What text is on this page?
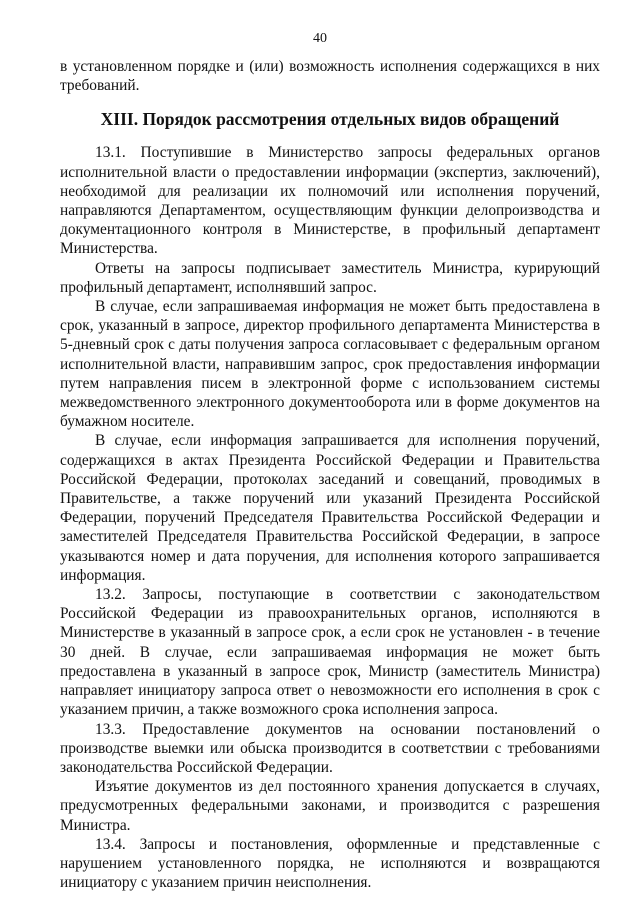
40

в установленном порядке и (или) возможность исполнения содержащихся в них требований.

XIII. Порядок рассмотрения отдельных видов обращений

13.1. Поступившие в Министерство запросы федеральных органов исполнительной власти о предоставлении информации (экспертиз, заключений), необходимой для реализации их полномочий или исполнения поручений, направляются Департаментом, осуществляющим функции делопроизводства и документационного контроля в Министерстве, в профильный департамент Министерства.

Ответы на запросы подписывает заместитель Министра, курирующий профильный департамент, исполнявший запрос.

В случае, если запрашиваемая информация не может быть предоставлена в срок, указанный в запросе, директор профильного департамента Министерства в 5-дневный срок с даты получения запроса согласовывает с федеральным органом исполнительной власти, направившим запрос, срок предоставления информации путем направления писем в электронной форме с использованием системы межведомственного электронного документооборота или в форме документов на бумажном носителе.

В случае, если информация запрашивается для исполнения поручений, содержащихся в актах Президента Российской Федерации и Правительства Российской Федерации, протоколах заседаний и совещаний, проводимых в Правительстве, а также поручений или указаний Президента Российской Федерации, поручений Председателя Правительства Российской Федерации и заместителей Председателя Правительства Российской Федерации, в запросе указываются номер и дата поручения, для исполнения которого запрашивается информация.

13.2. Запросы, поступающие в соответствии с законодательством Российской Федерации из правоохранительных органов, исполняются в Министерстве в указанный в запросе срок, а если срок не установлен - в течение 30 дней. В случае, если запрашиваемая информация не может быть предоставлена в указанный в запросе срок, Министр (заместитель Министра) направляет инициатору запроса ответ о невозможности его исполнения в срок с указанием причин, а также возможного срока исполнения запроса.

13.3. Предоставление документов на основании постановлений о производстве выемки или обыска производится в соответствии с требованиями законодательства Российской Федерации.

Изъятие документов из дел постоянного хранения допускается в случаях, предусмотренных федеральными законами, и производится с разрешения Министра.

13.4. Запросы и постановления, оформленные и представленные с нарушением установленного порядка, не исполняются и возвращаются инициатору с указанием причин неисполнения.
